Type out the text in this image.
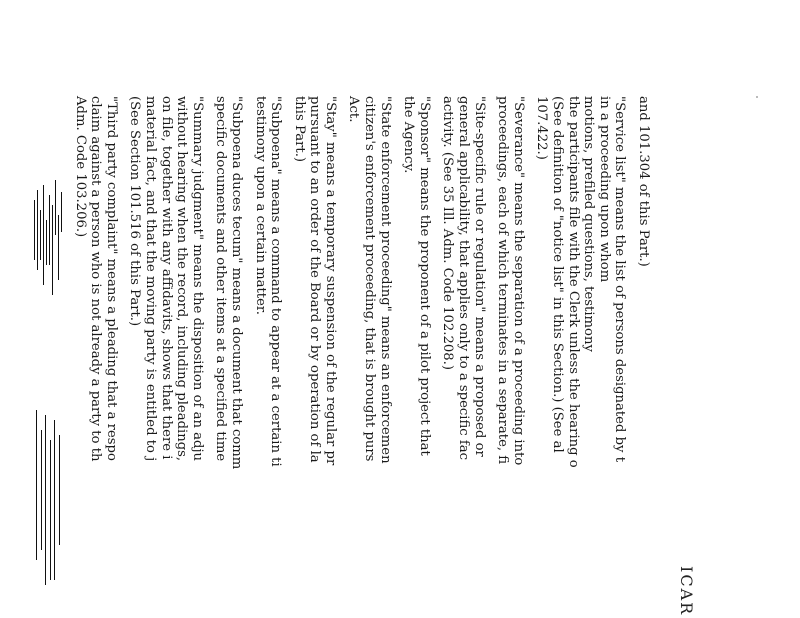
ICAR
and 101.304 of this Part.)
"Service list" means the list of persons designated by t
in a proceeding upon whom
motions, prefiled questions, testimony
the participants file with the Clerk unless the hearing o
(See definition of "notice list" in this Section.) (See al
107.422.)
"Severance" means the separation of a proceeding into
proceedings, each of which terminates in a separate, fi
"Site-specific rule or regulation" means a proposed or
general applicability, that applies only to a specific fac
activity. (See 35 Ill. Adm. Code 102.208.)
"Sponsor" means the proponent of a pilot project that
the Agency.
"State enforcement proceeding" means an enforcemen
citizen's enforcement proceeding, that is brought purs
Act.
"Stay" means a temporary suspension of the regular pr
pursuant to an order of the Board or by operation of la
this Part.)
"Subpoena" means a command to appear at a certain ti
testimony upon a certain matter.
"Subpoena duces tecum" means a document that comm
specific documents and other items at a specified time
"Summary judgment" means the disposition of an adju
without hearing when the record, including pleadings,
on file, together with any affidavits, shows that there i
material fact, and that the moving party is entitled to j
(See Section 101.516 of this Part.)
"Third party complaint" means a pleading that a respo
claim against a person who is not already a party to th
Adm. Code 103.206.)
